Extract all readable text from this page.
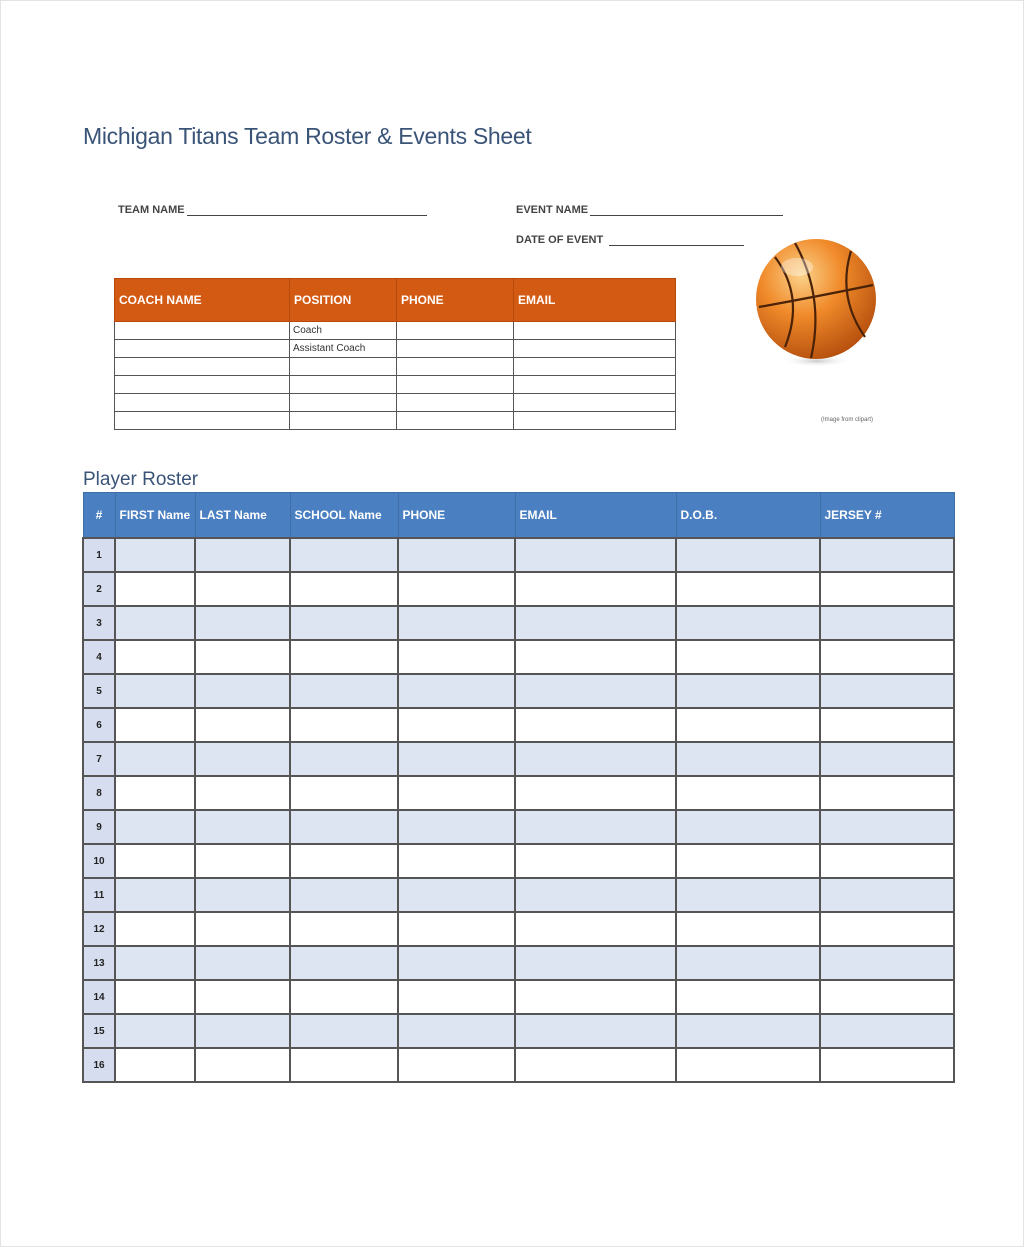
Michigan Titans Team Roster & Events Sheet
TEAM NAME	EVENT NAME
DATE OF EVENT
COACH NAME	POSITION	PHONE	EMAIL
	Coach		
	Assistant Coach		

(Image from clipart)
Player Roster
#	FIRST Name	LAST Name	SCHOOL Name	PHONE	EMAIL	D.O.B.	JERSEY #
1							
2							
3							
4							
5							
6							
7							
8							
9							
10							
11							
12							
13							
14							
15							
16							
